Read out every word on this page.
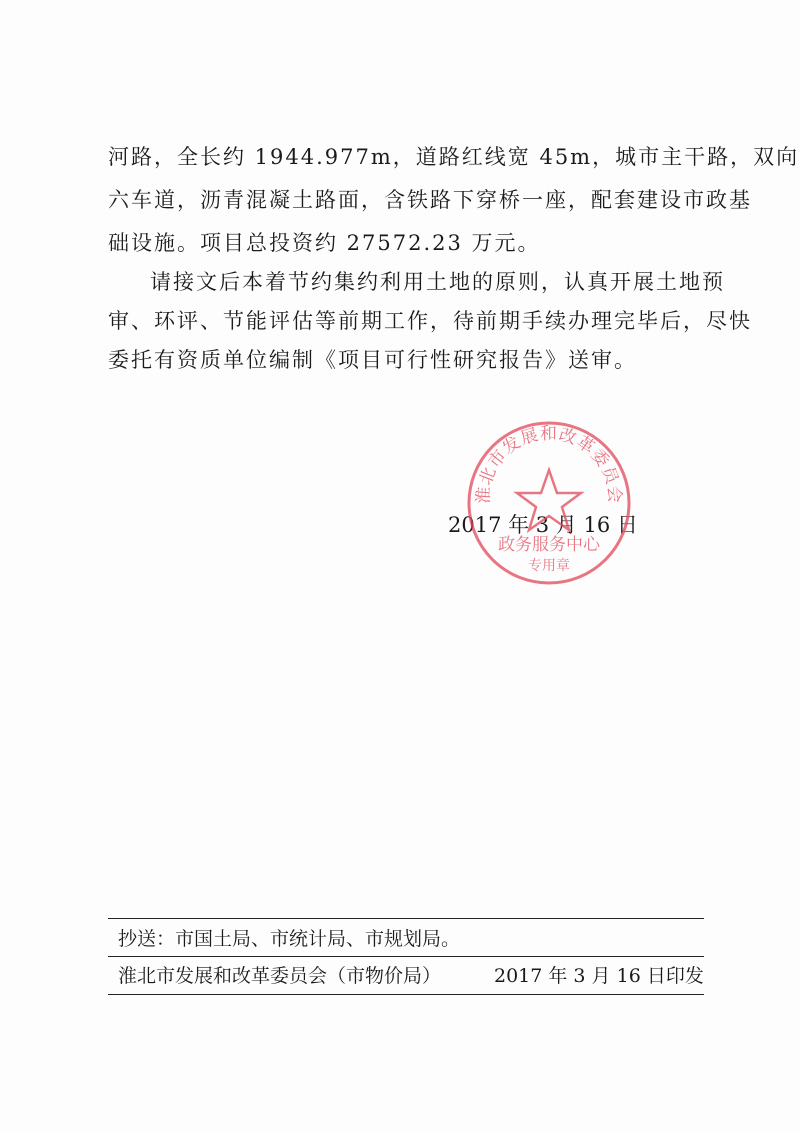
河路，全长约 1944.977m，道路红线宽 45m，城市主干路，双向
六车道，沥青混凝土路面，含铁路下穿桥一座，配套建设市政基
础设施。项目总投资约 27572.23 万元。
请接文后本着节约集约利用土地的原则，认真开展土地预
审、环评、节能评估等前期工作，待前期手续办理完毕后，尽快
委托有资质单位编制《项目可行性研究报告》送审。
2017 年 3 月 16 日
淮北市发展和改革委员会
政务服务中心
专用章
抄送：市国土局、市统计局、市规划局。
淮北市发展和改革委员会（市物价局）	2017 年 3 月 16 日印发
